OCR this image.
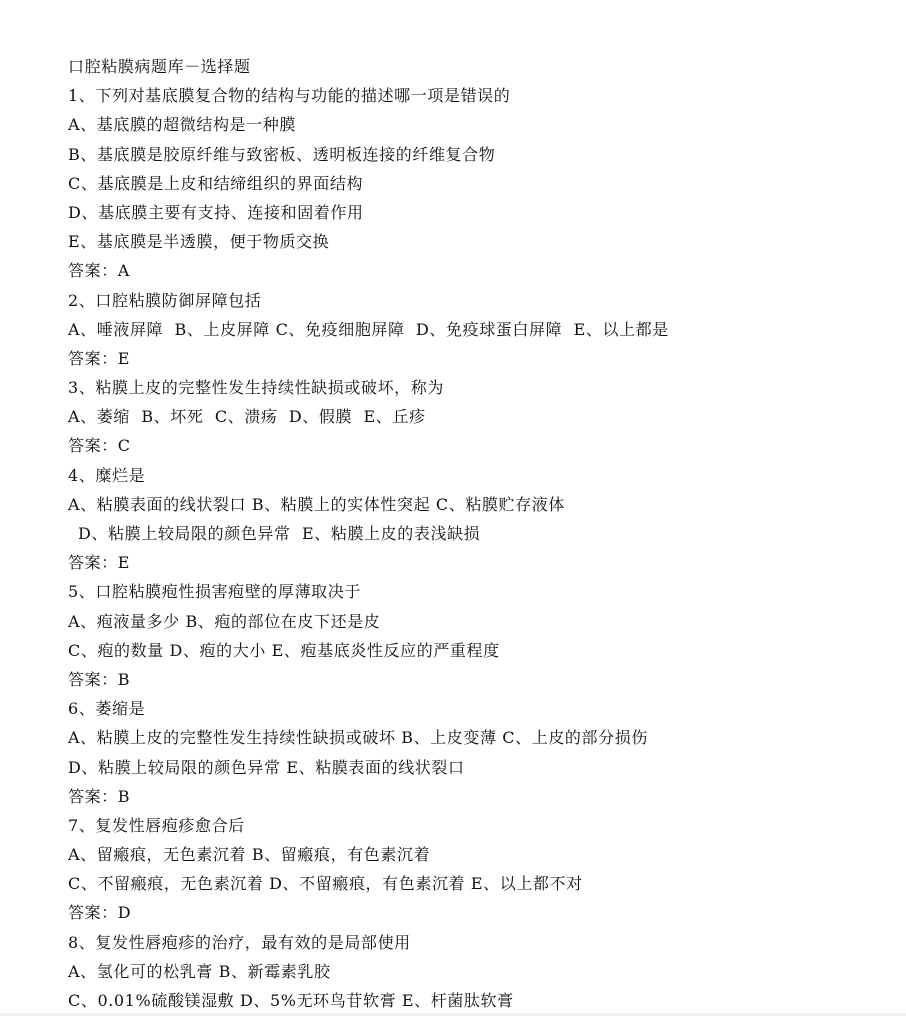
口腔粘膜病题库－选择题
1、下列对基底膜复合物的结构与功能的描述哪一项是错误的
A、基底膜的超微结构是一种膜
B、基底膜是胶原纤维与致密板、透明板连接的纤维复合物
C、基底膜是上皮和结缔组织的界面结构
D、基底膜主要有支持、连接和固着作用
E、基底膜是半透膜，便于物质交换
答案：A
2、口腔粘膜防御屏障包括
A、唾液屏障  B、上皮屏障 C、免疫细胞屏障  D、免疫球蛋白屏障  E、以上都是
答案：E
3、粘膜上皮的完整性发生持续性缺损或破坏，称为
A、萎缩  B、坏死  C、溃疡  D、假膜  E、丘疹
答案：C
4、糜烂是
A、粘膜表面的线状裂口 B、粘膜上的实体性突起 C、粘膜贮存液体
D、粘膜上较局限的颜色异常  E、粘膜上皮的表浅缺损
答案：E
5、口腔粘膜疱性损害疱壁的厚薄取决于
A、疱液量多少 B、疱的部位在皮下还是皮
C、疱的数量 D、疱的大小 E、疱基底炎性反应的严重程度
答案：B
6、萎缩是
A、粘膜上皮的完整性发生持续性缺损或破坏 B、上皮变薄 C、上皮的部分损伤
D、粘膜上较局限的颜色异常 E、粘膜表面的线状裂口
答案：B
7、复发性唇疱疹愈合后
A、留瘢痕，无色素沉着 B、留瘢痕，有色素沉着
C、不留瘢痕，无色素沉着 D、不留瘢痕，有色素沉着 E、以上都不对
答案：D
8、复发性唇疱疹的治疗，最有效的是局部使用
A、氢化可的松乳膏 B、新霉素乳胶
C、0.01%硫酸镁湿敷 D、5%无环鸟苷软膏 E、杆菌肽软膏
